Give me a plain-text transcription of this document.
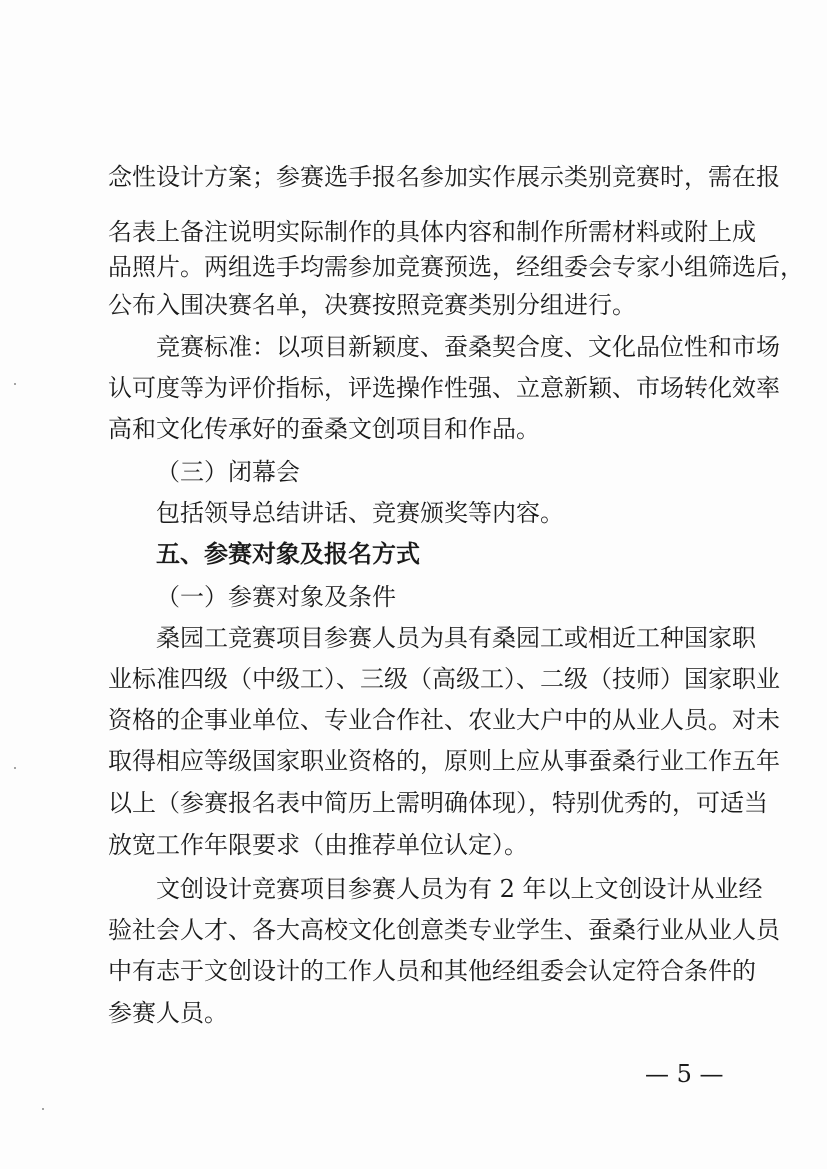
念性设计方案；参赛选手报名参加实作展示类别竞赛时，需在报
名表上备注说明实际制作的具体内容和制作所需材料或附上成
品照片。两组选手均需参加竞赛预选，经组委会专家小组筛选后，
公布入围决赛名单，决赛按照竞赛类别分组进行。
竞赛标准：以项目新颖度、蚕桑契合度、文化品位性和市场
认可度等为评价指标，评选操作性强、立意新颖、市场转化效率
高和文化传承好的蚕桑文创项目和作品。
（三）闭幕会
包括领导总结讲话、竞赛颁奖等内容。
五、参赛对象及报名方式
（一）参赛对象及条件
桑园工竞赛项目参赛人员为具有桑园工或相近工种国家职
业标准四级（中级工）、三级（高级工）、二级（技师）国家职业
资格的企事业单位、专业合作社、农业大户中的从业人员。对未
取得相应等级国家职业资格的，原则上应从事蚕桑行业工作五年
以上（参赛报名表中简历上需明确体现），特别优秀的，可适当
放宽工作年限要求（由推荐单位认定）。
文创设计竞赛项目参赛人员为有 2 年以上文创设计从业经
验社会人才、各大高校文化创意类专业学生、蚕桑行业从业人员
中有志于文创设计的工作人员和其他经组委会认定符合条件的
参赛人员。
— 5 —
